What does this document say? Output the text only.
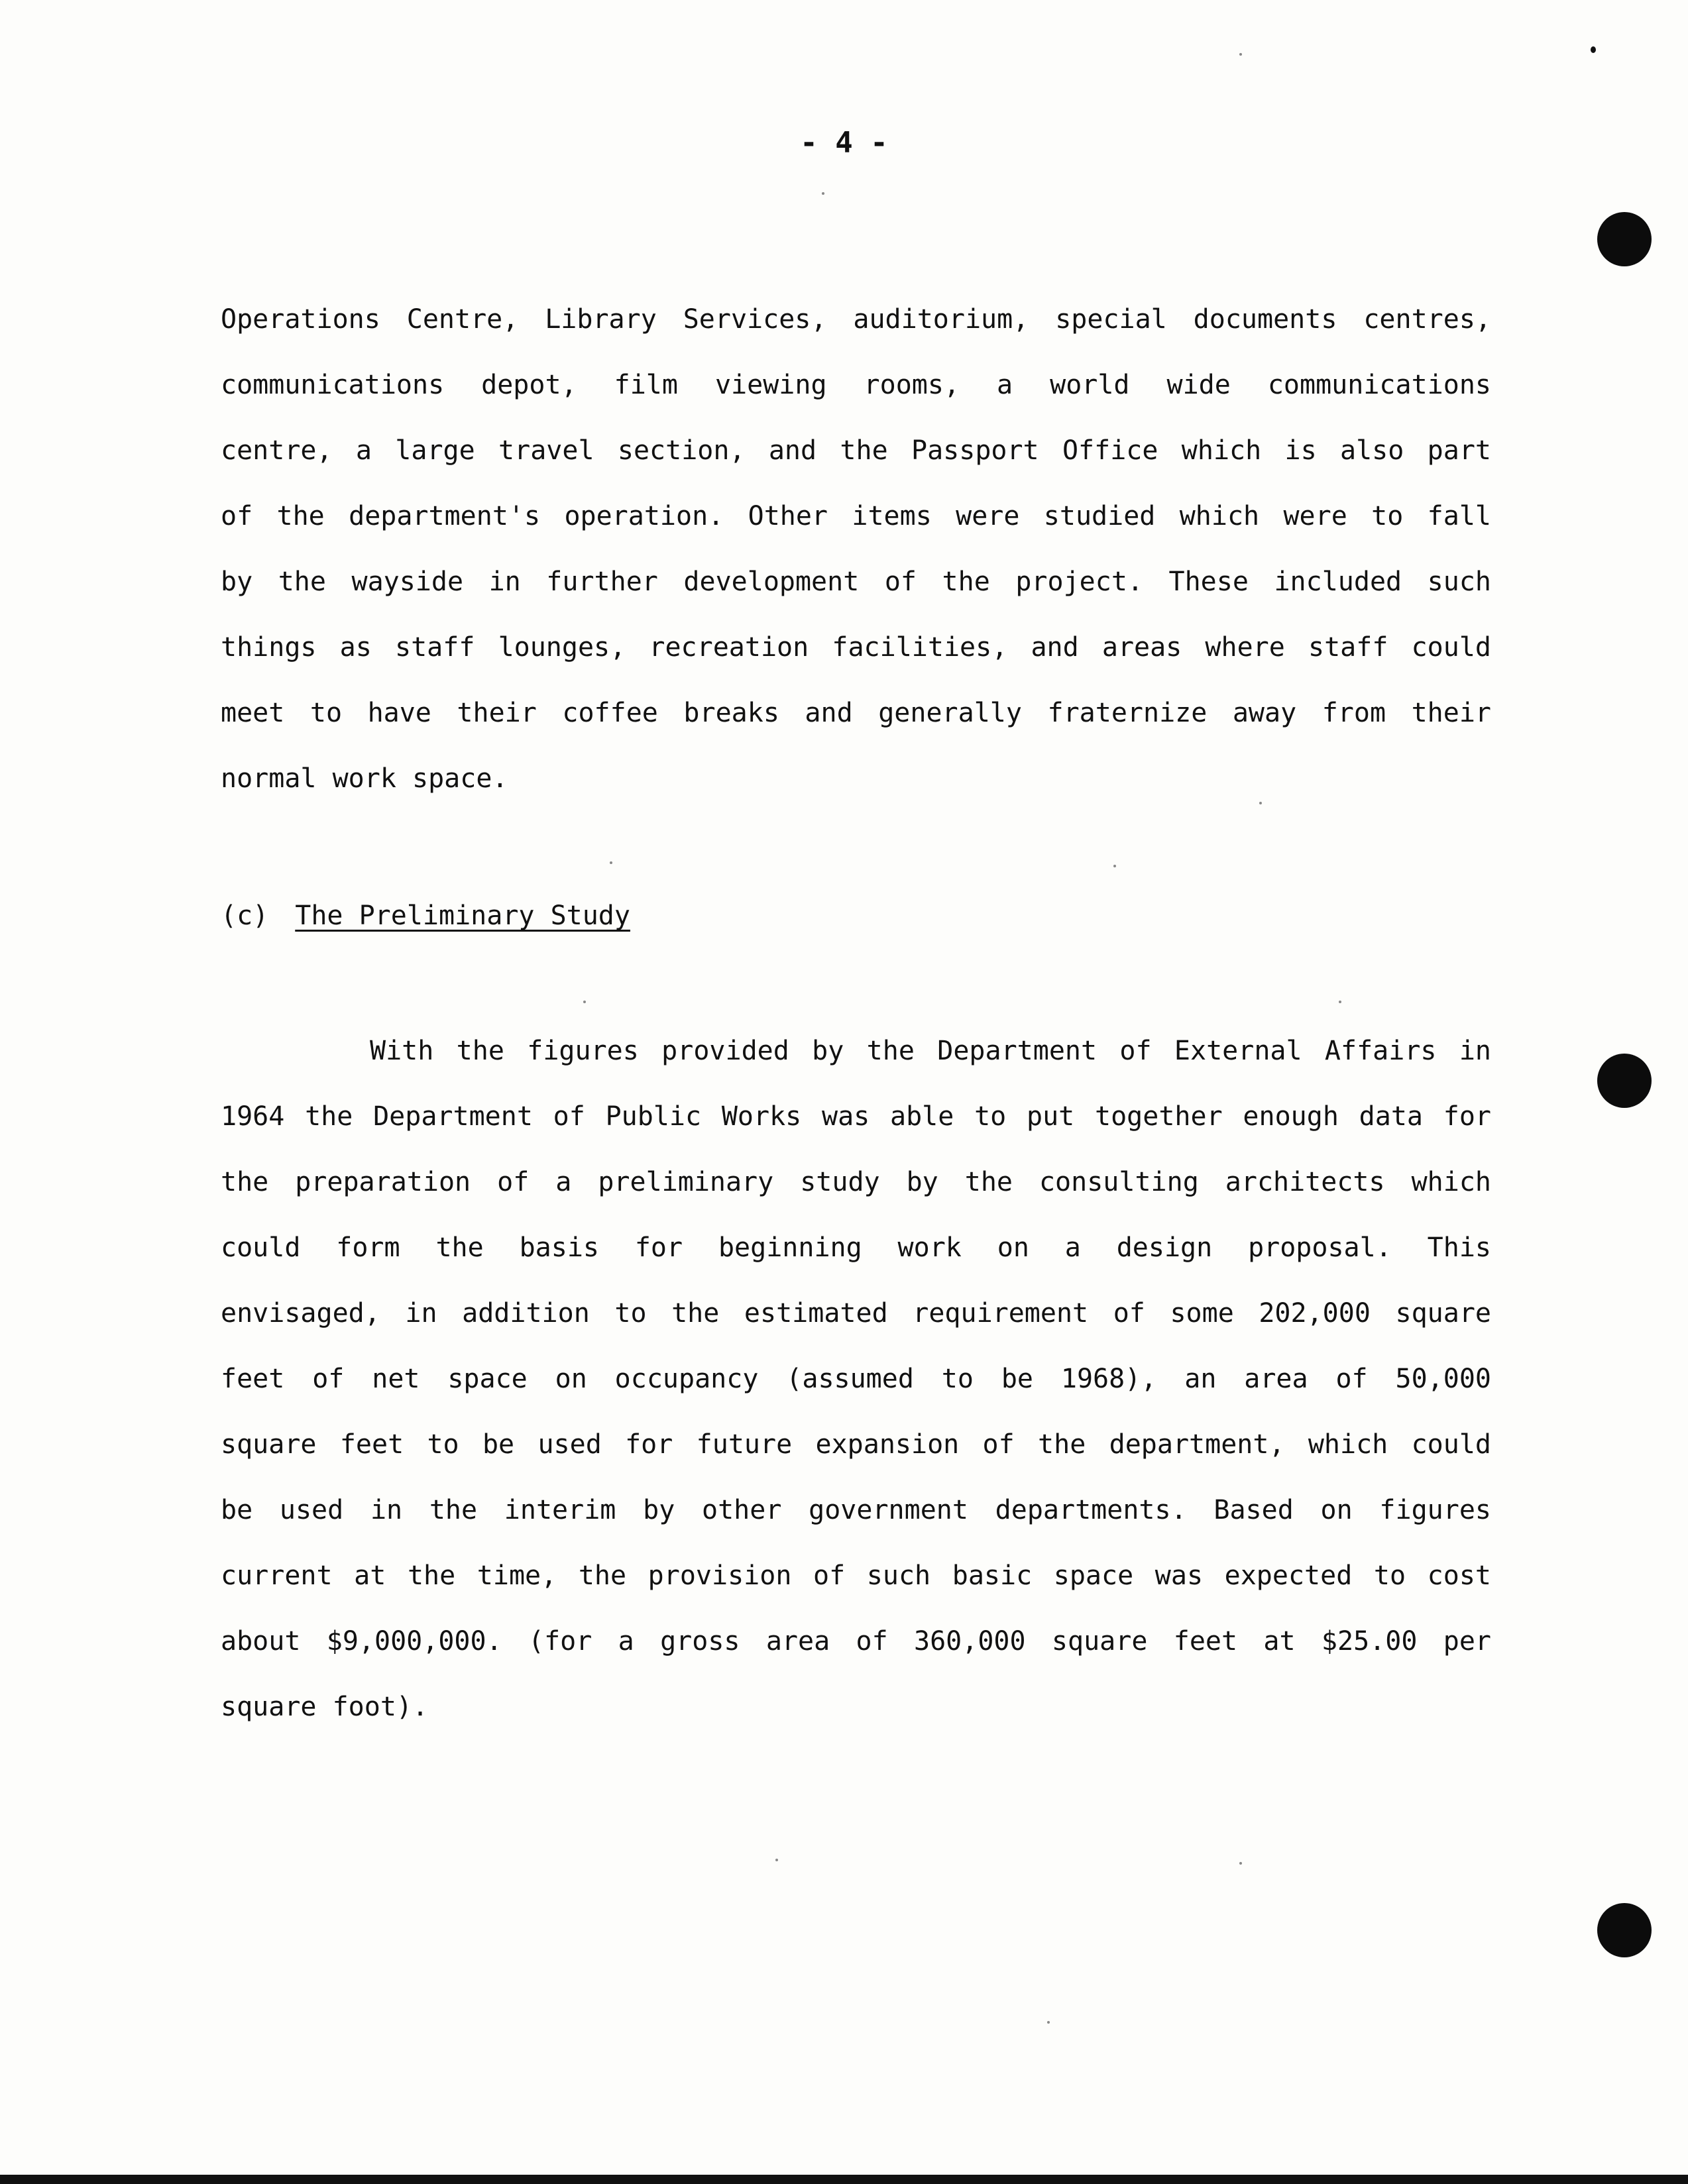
- 4 -
Operations Centre, Library Services, auditorium, special documents centres,
communications depot, film viewing rooms, a world wide communications
centre, a large travel section, and the Passport Office which is also part
of the department's operation. Other items were studied which were to fall
by the wayside in further development of the project. These included such
things as staff lounges, recreation facilities, and areas where staff could
meet to have their coffee breaks and generally fraternize away from their
normal work space.
(c) The Preliminary Study
With the figures provided by the Department of External Affairs in
1964 the Department of Public Works was able to put together enough data for
the preparation of a preliminary study by the consulting architects which
could form the basis for beginning work on a design proposal. This
envisaged, in addition to the estimated requirement of some 202,000 square
feet of net space on occupancy (assumed to be 1968), an area of 50,000
square feet to be used for future expansion of the department, which could
be used in the interim by other government departments. Based on figures
current at the time, the provision of such basic space was expected to cost
about $9,000,000. (for a gross area of 360,000 square feet at $25.00 per
square foot).
